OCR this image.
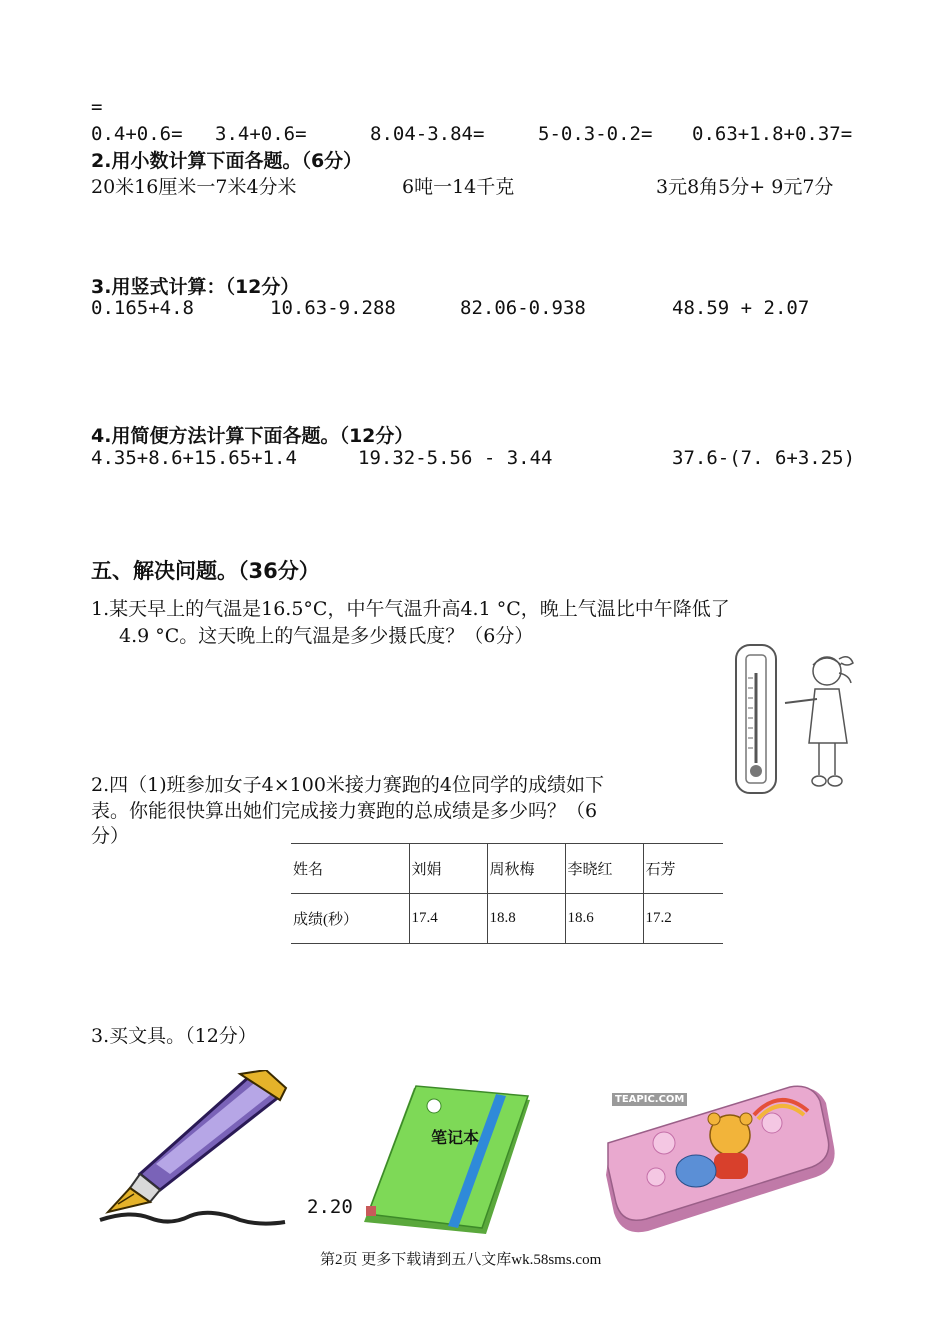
=
0.4+0.6= 3.4+0.6=	8.04-3.84=	5-0.3-0.2= 0.63+1.8+0.37=
2.用小数计算下面各题。（6分）
20米16厘米一7米4分米	6吨一14千克	3元8角5分+ 9元7分
3.用竖式计算：（12分）
0.165+4.8	10.63-9.288	82.06-0.938	48.59 + 2.07
4.用简便方法计算下面各题。（12分）
4.35+8.6+15.65+1.4	19.32-5.56 - 3.44	37.6-(7. 6+3.25)
五、解决问题。（36分）
1.某天早上的气温是16.5°C，中午气温升高4.1 °C，晚上气温比中午降低了
4.9 °C。这天晚上的气温是多少摄氏度？（6分）
2.四（1)班参加女子4×100米接力赛跑的4位同学的成绩如下
表。你能很快算出她们完成接力赛跑的总成绩是多少吗？（6
分）
姓名	刘娟	周秋梅	李晓红	石芳
成绩(秒）	17.4	18.8	18.6	17.2
3.买文具。（12分）
笔记本
2.20
TEAPIC.COM
第2页 更多下载请到五八文库wk.58sms.com
